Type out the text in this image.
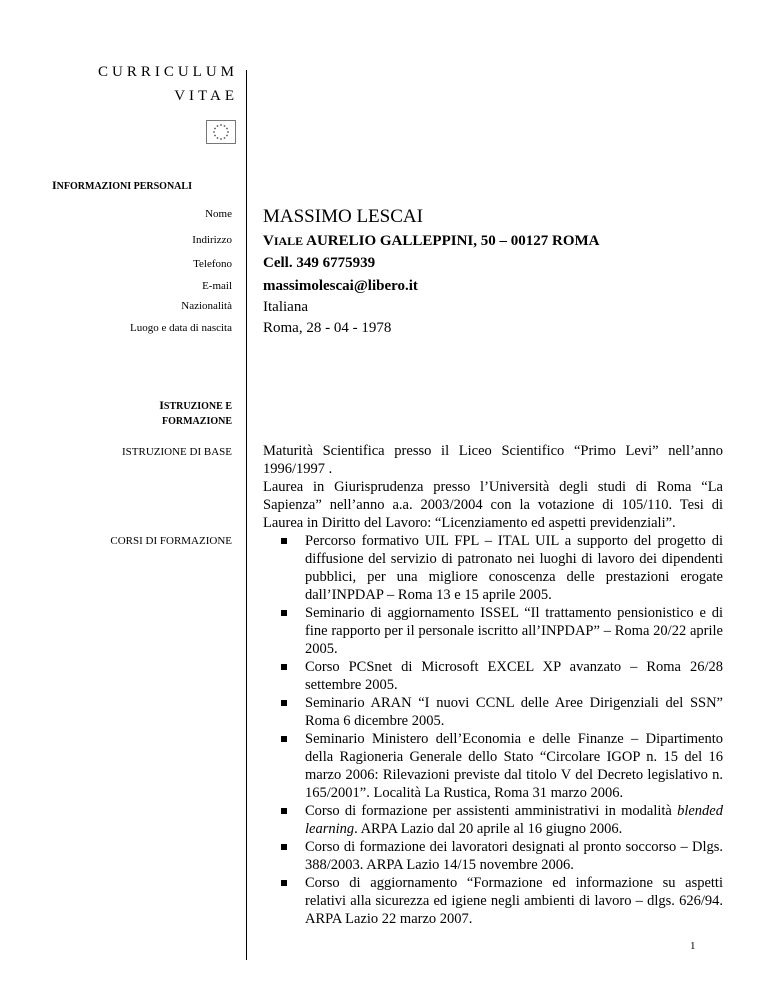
CURRICULUM
VITAE
INFORMAZIONI PERSONALI
Nome MASSIMO LESCAI
Indirizzo VIALE AURELIO GALLEPPINI, 50 – 00127 ROMA
Telefono Cell. 349 6775939
E-mail massimolescai@libero.it
Nazionalità Italiana
Luogo e data di nascita Roma, 28 - 04 - 1978
ISTRUZIONE E
FORMAZIONE
ISTRUZIONE DI BASE
CORSI DI FORMAZIONE

Maturità Scientifica presso il Liceo Scientifico “Primo Levi” nell’anno 1996/1997 .

Laurea in Giurisprudenza presso l’Università degli studi di Roma “La Sapienza” nell’anno a.a. 2003/2004 con la votazione di 105/110. Tesi di Laurea in Diritto del Lavoro: “Licenziamento ed aspetti previdenziali”.

Percorso formativo UIL FPL – ITAL UIL a supporto del progetto di diffusione del servizio di patronato nei luoghi di lavoro dei dipendenti pubblici, per una migliore conoscenza delle prestazioni erogate dall’INPDAP – Roma 13 e 15 aprile 2005.
Seminario di aggiornamento ISSEL “Il trattamento pensionistico e di fine rapporto per il personale iscritto all’INPDAP” – Roma 20/22 aprile 2005.
Corso PCSnet di Microsoft EXCEL XP avanzato – Roma 26/28 settembre 2005.
Seminario ARAN “I nuovi CCNL delle Aree Dirigenziali del SSN” Roma 6 dicembre 2005.
Seminario Ministero dell’Economia e delle Finanze – Dipartimento della Ragioneria Generale dello Stato “Circolare IGOP n. 15 del 16 marzo 2006: Rilevazioni previste dal titolo V del Decreto legislativo n. 165/2001”. Località La Rustica, Roma 31 marzo 2006.
Corso di formazione per assistenti amministrativi in modalità blended learning. ARPA Lazio dal 20 aprile al 16 giugno 2006.
Corso di formazione dei lavoratori designati al pronto soccorso – Dlgs. 388/2003. ARPA Lazio 14/15 novembre 2006.
Corso di aggiornamento “Formazione ed informazione su aspetti relativi alla sicurezza ed igiene negli ambienti di lavoro – dlgs. 626/94. ARPA Lazio 22 marzo 2007.
1
